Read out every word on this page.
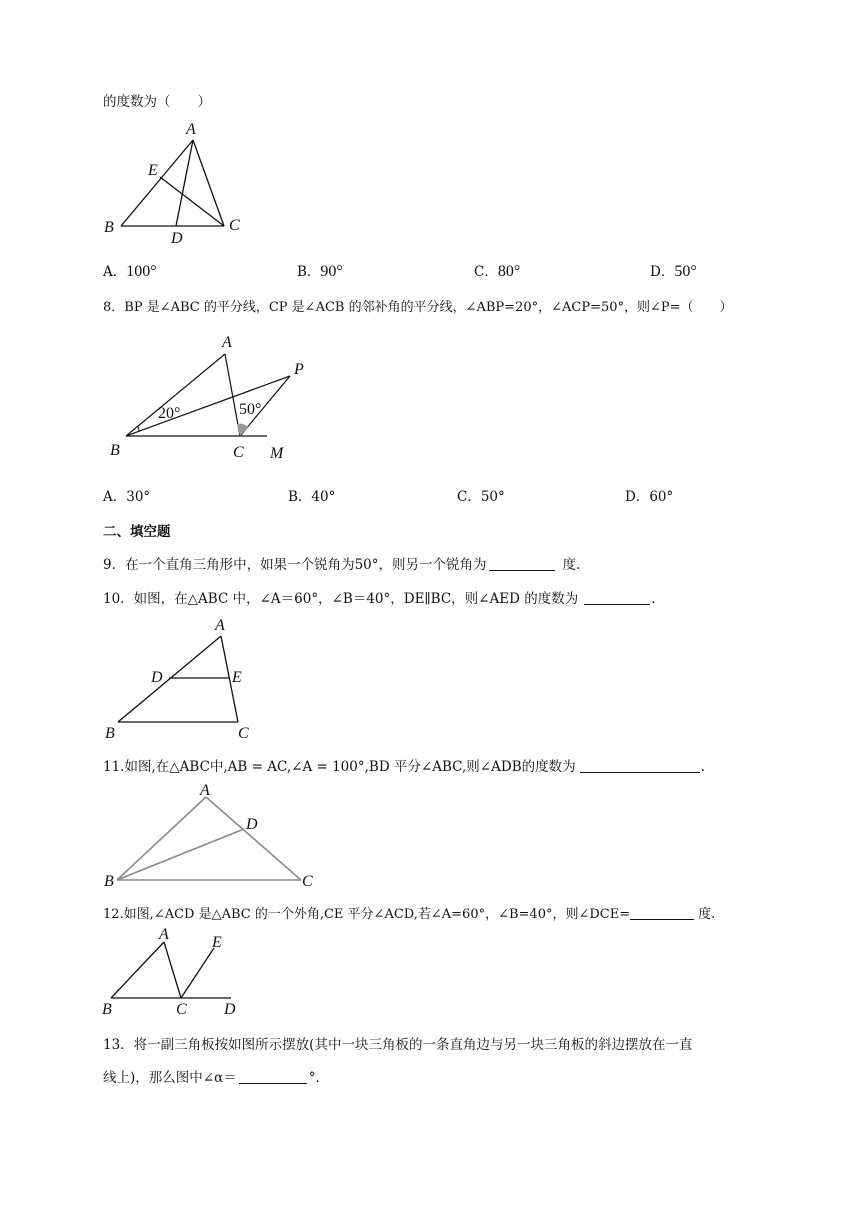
的度数为（　　）
A
E
B	C
D
A．100°	B．90°	C．80°	D．50°
8．BP 是∠ABC 的平分线，CP 是∠ACB 的邻补角的平分线，∠ABP=20°，∠ACP=50°，则∠P=（　　）
A
P
B	C M
20°	50°
A．30°	B．40°	C．50°	D．60°
二、填空题
9．在一个直角三角形中，如果一个锐角为50°，则另一个锐角为	度.
10．如图，在△ABC 中，∠A＝60°，∠B＝40°，DE∥BC，则∠AED 的度数为	.
A
D	E
B	C
11.如图,在△ABC中,AB = AC,∠A = 100°,BD 平分∠ABC,则∠ADB的度数为	.
A
D
B	C
12.如图,∠ACD 是△ABC 的一个外角,CE 平分∠ACD,若∠A=60°，∠B=40°，则∠DCE=	度.
A	E
B	C D
13．将一副三角板按如图所示摆放(其中一块三角板的一条直角边与另一块三角板的斜边摆放在一直
线上)，那么图中∠α＝	°．
